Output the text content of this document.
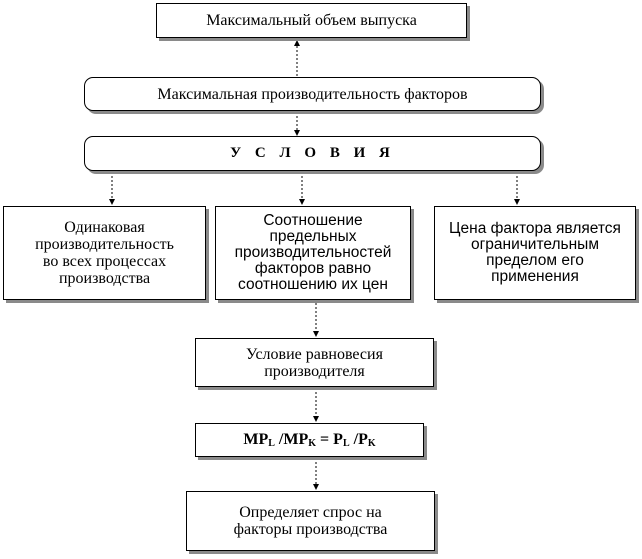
Максимальный объем выпуска
Максимальная производительность факторов
У С Л О В И Я
Одинаковая
производительность
во всех процессах
производства
Соотношение
предельных
производительностей
факторов равно
соотношению их цен
Цена фактора является
ограничительным
пределом его
применения
Условие равновесия
производителя
$MP_L$ $/MP_K = P_L$ $/P_K$
Определяет спрос на
факторы производства
